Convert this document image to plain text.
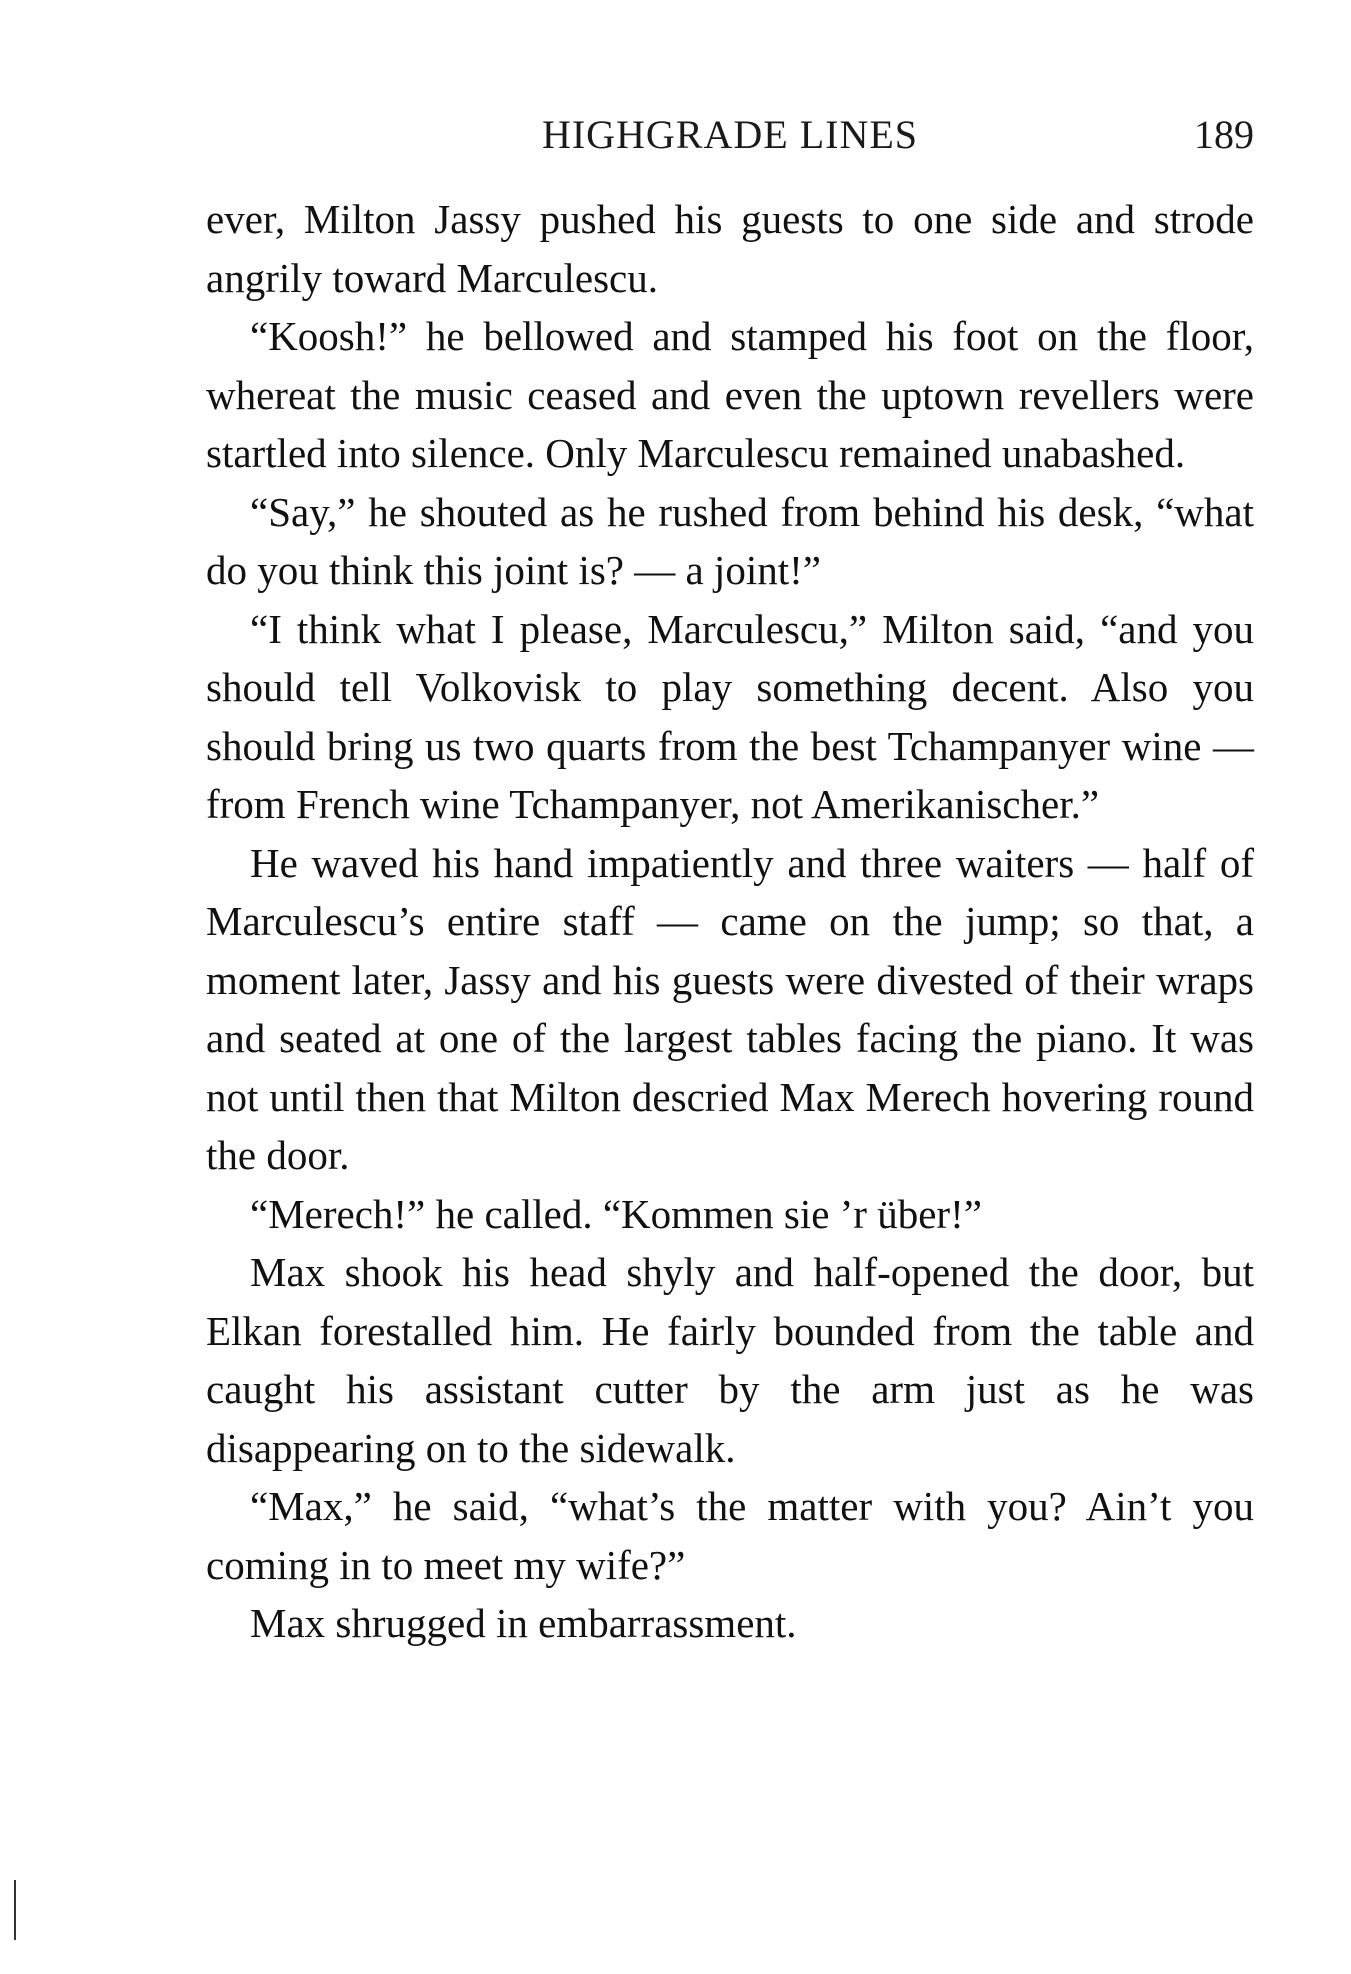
HIGHGRADE LINES	189

ever, Milton Jassy pushed his guests to one side and strode angrily toward Marculescu.

“Koosh!” he bellowed and stamped his foot on the floor, whereat the music ceased and even the uptown revellers were startled into silence. Only Marculescu remained unabashed.

“Say,” he shouted as he rushed from behind his desk, “what do you think this joint is? — a joint!”

“I think what I please, Marculescu,” Milton said, “and you should tell Volkovisk to play something decent. Also you should bring us two quarts from the best Tchampanyer wine — from French wine Tchampanyer, not Amerikanischer.”

He waved his hand impatiently and three waiters — half of Marculescu’s entire staff — came on the jump; so that, a moment later, Jassy and his guests were divested of their wraps and seated at one of the largest tables facing the piano. It was not until then that Milton descried Max Merech hovering round the door.

“Merech!” he called. “Kommen sie ’r über!”

Max shook his head shyly and half-opened the door, but Elkan forestalled him. He fairly bounded from the table and caught his assistant cutter by the arm just as he was disappearing on to the sidewalk.

“Max,” he said, “what’s the matter with you? Ain’t you coming in to meet my wife?”

Max shrugged in embarrassment.
